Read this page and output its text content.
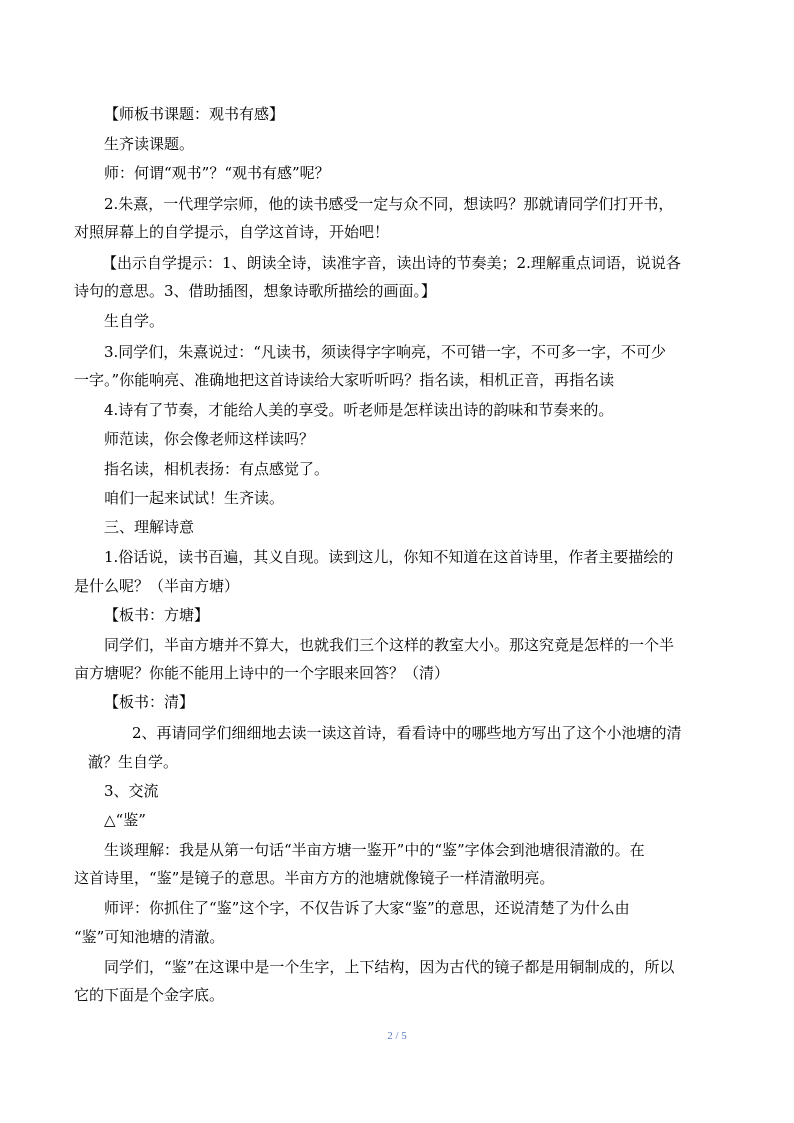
【师板书课题：观书有感】
生齐读课题。
师：何谓“观书”？“观书有感”呢？
2.朱熹，一代理学宗师，他的读书感受一定与众不同，想读吗？那就请同学们打开书，
对照屏幕上的自学提示，自学这首诗，开始吧！
【出示自学提示：1、朗读全诗，读准字音，读出诗的节奏美；2.理解重点词语，说说各
诗句的意思。3、借助插图，想象诗歌所描绘的画面。】
生自学。
3.同学们，朱熹说过：“凡读书，须读得字字响亮，不可错一字，不可多一字，不可少
一字。”你能响亮、准确地把这首诗读给大家听听吗？指名读，相机正音，再指名读
4.诗有了节奏，才能给人美的享受。听老师是怎样读出诗的韵味和节奏来的。
师范读，你会像老师这样读吗？
指名读，相机表扬：有点感觉了。
咱们一起来试试！生齐读。
三、理解诗意
1.俗话说，读书百遍，其义自现。读到这儿，你知不知道在这首诗里，作者主要描绘的
是什么呢？（半亩方塘）
【板书：方塘】
同学们，半亩方塘并不算大，也就我们三个这样的教室大小。那这究竟是怎样的一个半
亩方塘呢？你能不能用上诗中的一个字眼来回答？（清）
【板书：清】
2、再请同学们细细地去读一读这首诗，看看诗中的哪些地方写出了这个小池塘的清
澈？生自学。
3、交流
△“鉴”
生谈理解：我是从第一句话“半亩方塘一鉴开”中的“鉴”字体会到池塘很清澈的。在
这首诗里，“鉴”是镜子的意思。半亩方方的池塘就像镜子一样清澈明亮。
师评：你抓住了“鉴”这个字，不仅告诉了大家“鉴”的意思，还说清楚了为什么由
“鉴”可知池塘的清澈。
同学们，“鉴”在这课中是一个生字，上下结构，因为古代的镜子都是用铜制成的，所以
它的下面是个金字底。
2 / 5
